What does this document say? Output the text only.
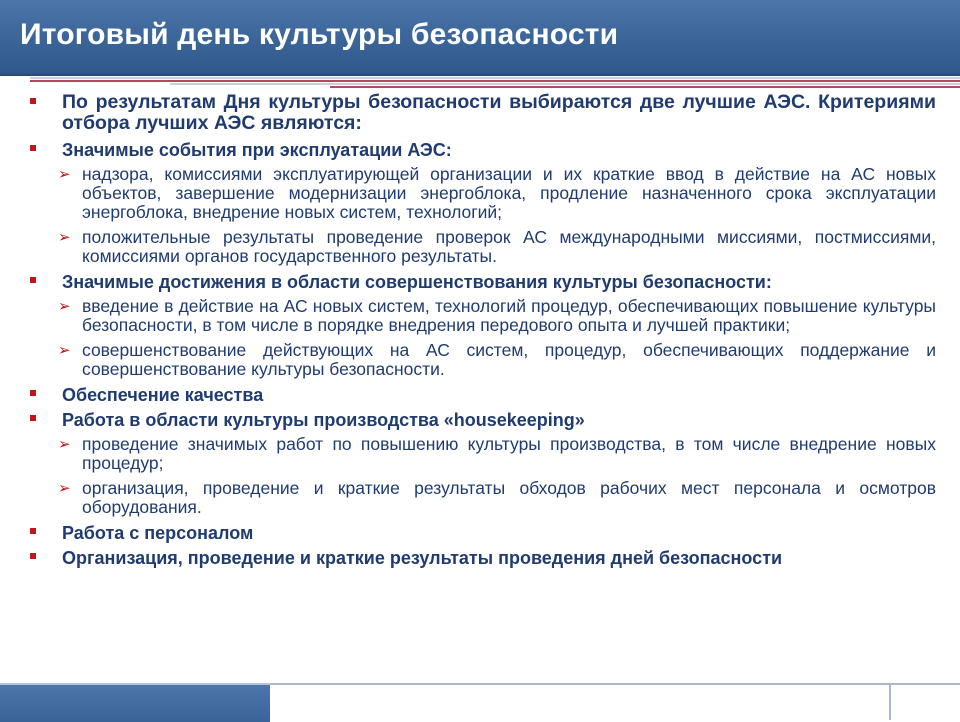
Итоговый день культуры безопасности
По результатам Дня культуры безопасности выбираются две лучшие АЭС. Критериями отбора лучших АЭС являются:
Значимые события при эксплуатации АЭС:
➢ надзора, комиссиями эксплуатирующей организации и их краткие ввод в действие на АС новых объектов, завершение модернизации энергоблока, продление назначенного срока эксплуатации энергоблока, внедрение новых систем, технологий;
➢ положительные результаты проведение проверок АС международными миссиями, постмиссиями, комиссиями органов государственного результаты.
Значимые достижения в области совершенствования культуры безопасности:
➢ введение в действие на АС новых систем, технологий процедур, обеспечивающих повышение культуры безопасности, в том числе в порядке внедрения передового опыта и лучшей практики;
➢ совершенствование действующих на АС систем, процедур, обеспечивающих поддержание и совершенствование культуры безопасности.
Обеспечение качества
Работа в области культуры производства «housekeeping»
➢ проведение значимых работ по повышению культуры производства, в том числе внедрение новых процедур;
➢ организация, проведение и краткие результаты обходов рабочих мест персонала и осмотров оборудования.
Работа с персоналом
Организация, проведение и краткие результаты проведения дней безопасности
